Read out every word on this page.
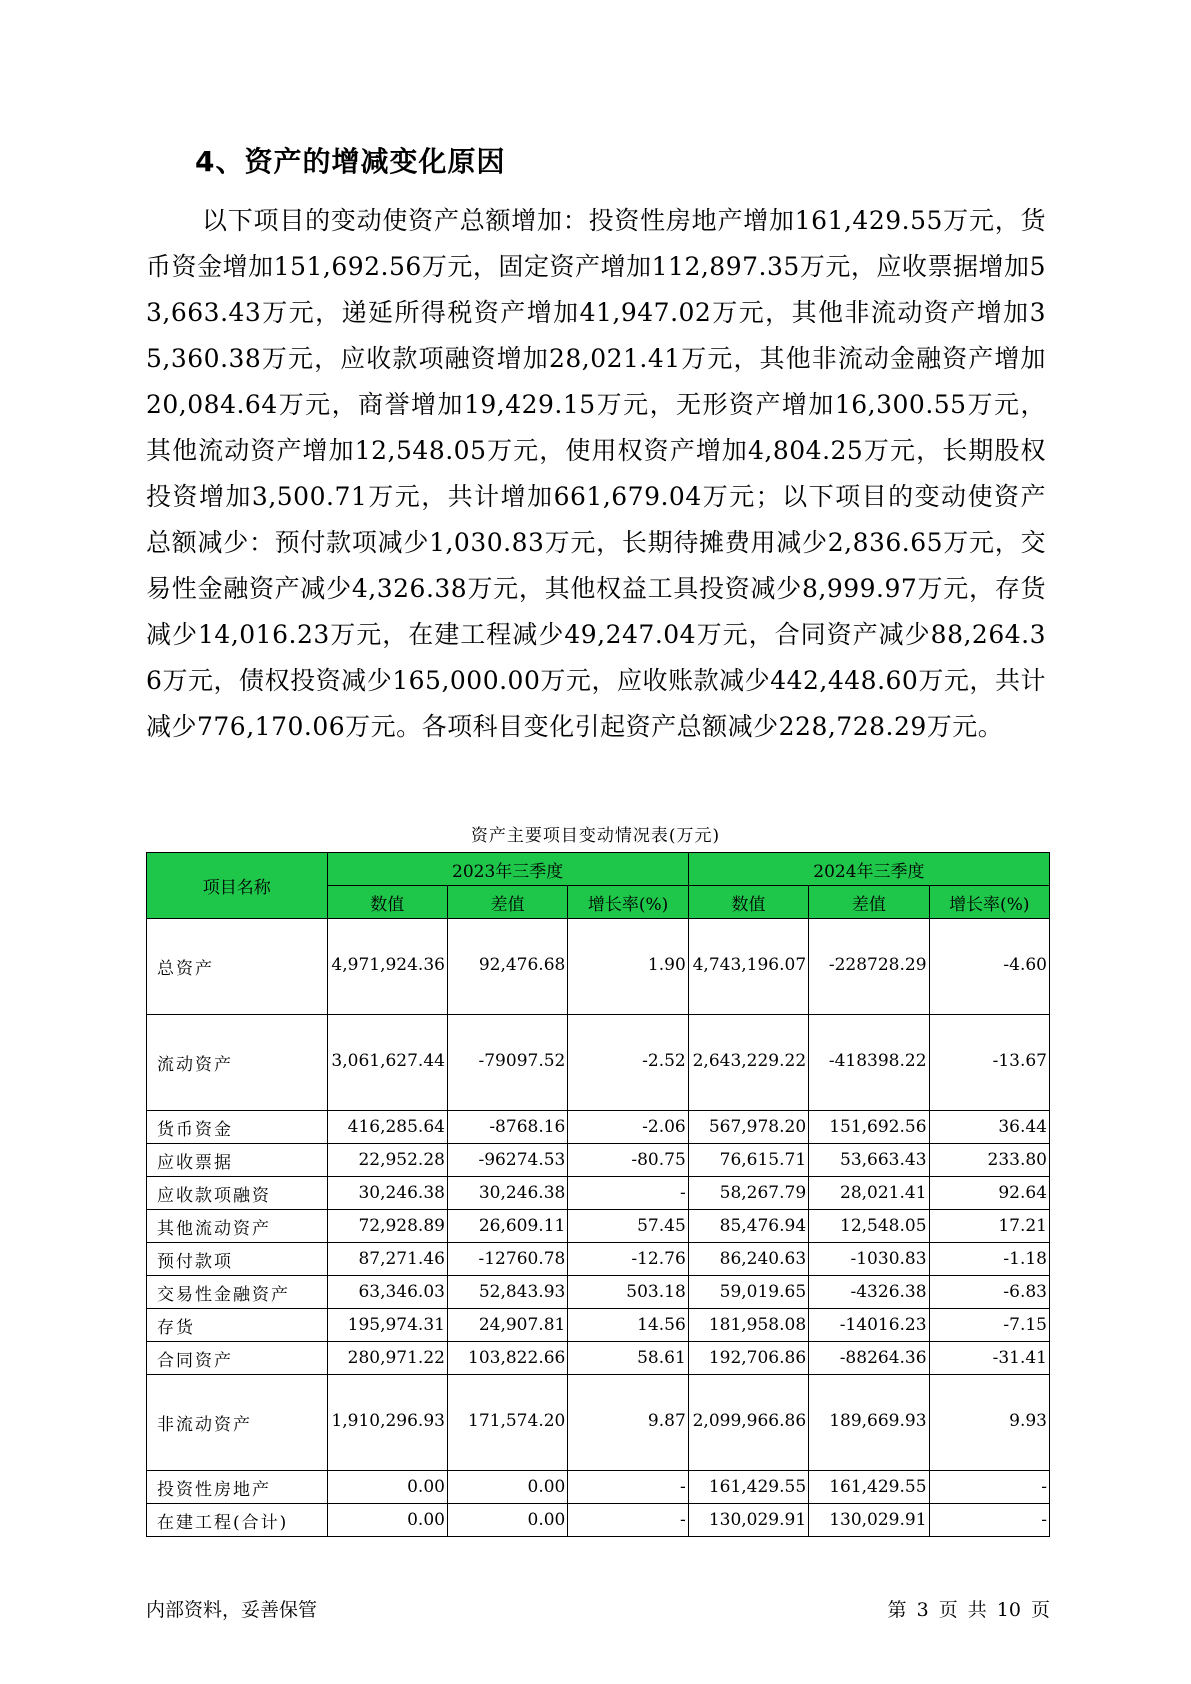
4、资产的增减变化原因
以下项目的变动使资产总额增加：投资性房地产增加161,429.55万元，货币资金增加151,692.56万元，固定资产增加112,897.35万元，应收票据增加53,663.43万元，递延所得税资产增加41,947.02万元，其他非流动资产增加35,360.38万元，应收款项融资增加28,021.41万元，其他非流动金融资产增加20,084.64万元，商誉增加19,429.15万元，无形资产增加16,300.55万元，其他流动资产增加12,548.05万元，使用权资产增加4,804.25万元，长期股权投资增加3,500.71万元，共计增加661,679.04万元；以下项目的变动使资产总额减少：预付款项减少1,030.83万元，长期待摊费用减少2,836.65万元，交易性金融资产减少4,326.38万元，其他权益工具投资减少8,999.97万元，存货减少14,016.23万元，在建工程减少49,247.04万元，合同资产减少88,264.36万元，债权投资减少165,000.00万元，应收账款减少442,448.60万元，共计减少776,170.06万元。各项科目变化引起资产总额减少228,728.29万元。
资产主要项目变动情况表(万元)
项目名称	2023年三季度			2024年三季度		
	数值	差值	增长率(%)	数值	差值	增长率(%)
总资产	4,971,924.36	92,476.68	1.90	4,743,196.07	-228728.29	-4.60
流动资产	3,061,627.44	-79097.52	-2.52	2,643,229.22	-418398.22	-13.67
货币资金	416,285.64	-8768.16	-2.06	567,978.20	151,692.56	36.44
应收票据	22,952.28	-96274.53	-80.75	76,615.71	53,663.43	233.80
应收款项融资	30,246.38	30,246.38	-	58,267.79	28,021.41	92.64
其他流动资产	72,928.89	26,609.11	57.45	85,476.94	12,548.05	17.21
预付款项	87,271.46	-12760.78	-12.76	86,240.63	-1030.83	-1.18
交易性金融资产	63,346.03	52,843.93	503.18	59,019.65	-4326.38	-6.83
存货	195,974.31	24,907.81	14.56	181,958.08	-14016.23	-7.15
合同资产	280,971.22	103,822.66	58.61	192,706.86	-88264.36	-31.41
非流动资产	1,910,296.93	171,574.20	9.87	2,099,966.86	189,669.93	9.93
投资性房地产	0.00	0.00	-	161,429.55	161,429.55	-
在建工程(合计)	0.00	0.00	-	130,029.91	130,029.91	-
内部资料，妥善保管	第 3 页 共 10 页
